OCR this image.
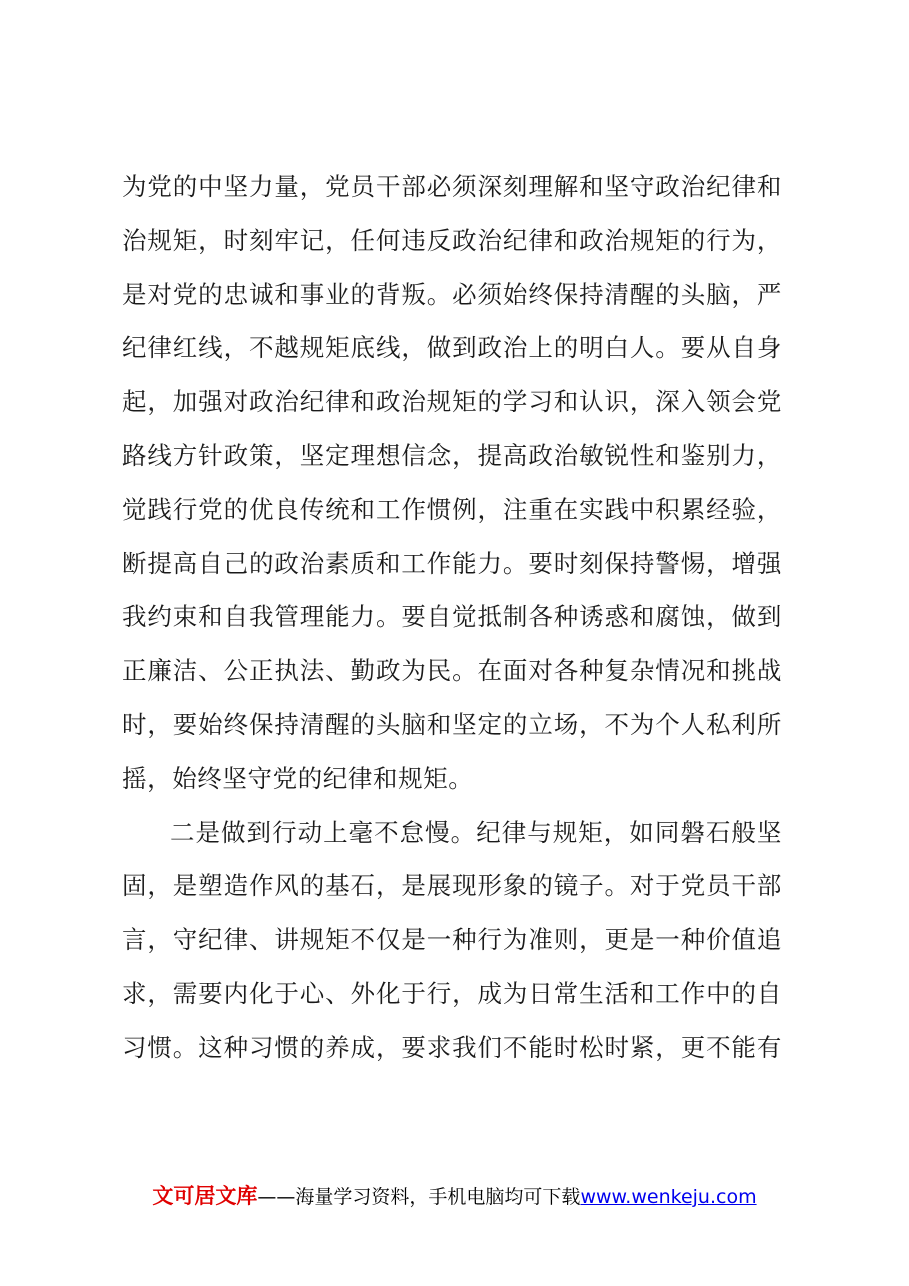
为党的中坚力量，党员干部必须深刻理解和坚守政治纪律和
治规矩，时刻牢记，任何违反政治纪律和政治规矩的行为，
是对党的忠诚和事业的背叛。必须始终保持清醒的头脑，严
纪律红线，不越规矩底线，做到政治上的明白人。要从自身
起，加强对政治纪律和政治规矩的学习和认识，深入领会党
路线方针政策，坚定理想信念，提高政治敏锐性和鉴别力，
觉践行党的优良传统和工作惯例，注重在实践中积累经验，
断提高自己的政治素质和工作能力。要时刻保持警惕，增强
我约束和自我管理能力。要自觉抵制各种诱惑和腐蚀，做到
正廉洁、公正执法、勤政为民。在面对各种复杂情况和挑战
时，要始终保持清醒的头脑和坚定的立场，不为个人私利所
摇，始终坚守党的纪律和规矩。
二是做到行动上毫不怠慢。纪律与规矩，如同磐石般坚
固，是塑造作风的基石，是展现形象的镜子。对于党员干部
言，守纪律、讲规矩不仅是一种行为准则，更是一种价值追
求，需要内化于心、外化于行，成为日常生活和工作中的自
习惯。这种习惯的养成，要求我们不能时松时紧，更不能有
文可居文库——海量学习资料，手机电脑均可下载www.wenkeju.com
